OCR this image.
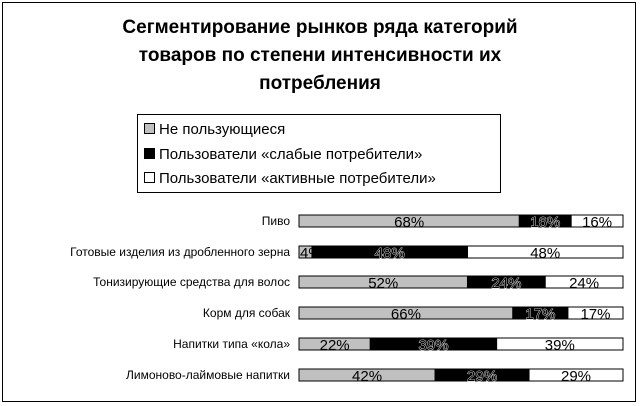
Сегментирование рынков ряда категорий
товаров по степени интенсивности их
потребления
Не пользующиеся
Пользователи «слабые потребители»
Пользователи «активные потребители»
Пиво	68%	16% 16%
Готовые изделия из дробленного зерна 4%	48%	48%
Тонизирующие средства для волос	52%	24%	24%
Корм для собак	66%	17% 17%
Напитки типа «кола» 22%	39%	39%
Лимоново-лаймовые напитки	42%	29%	29%
